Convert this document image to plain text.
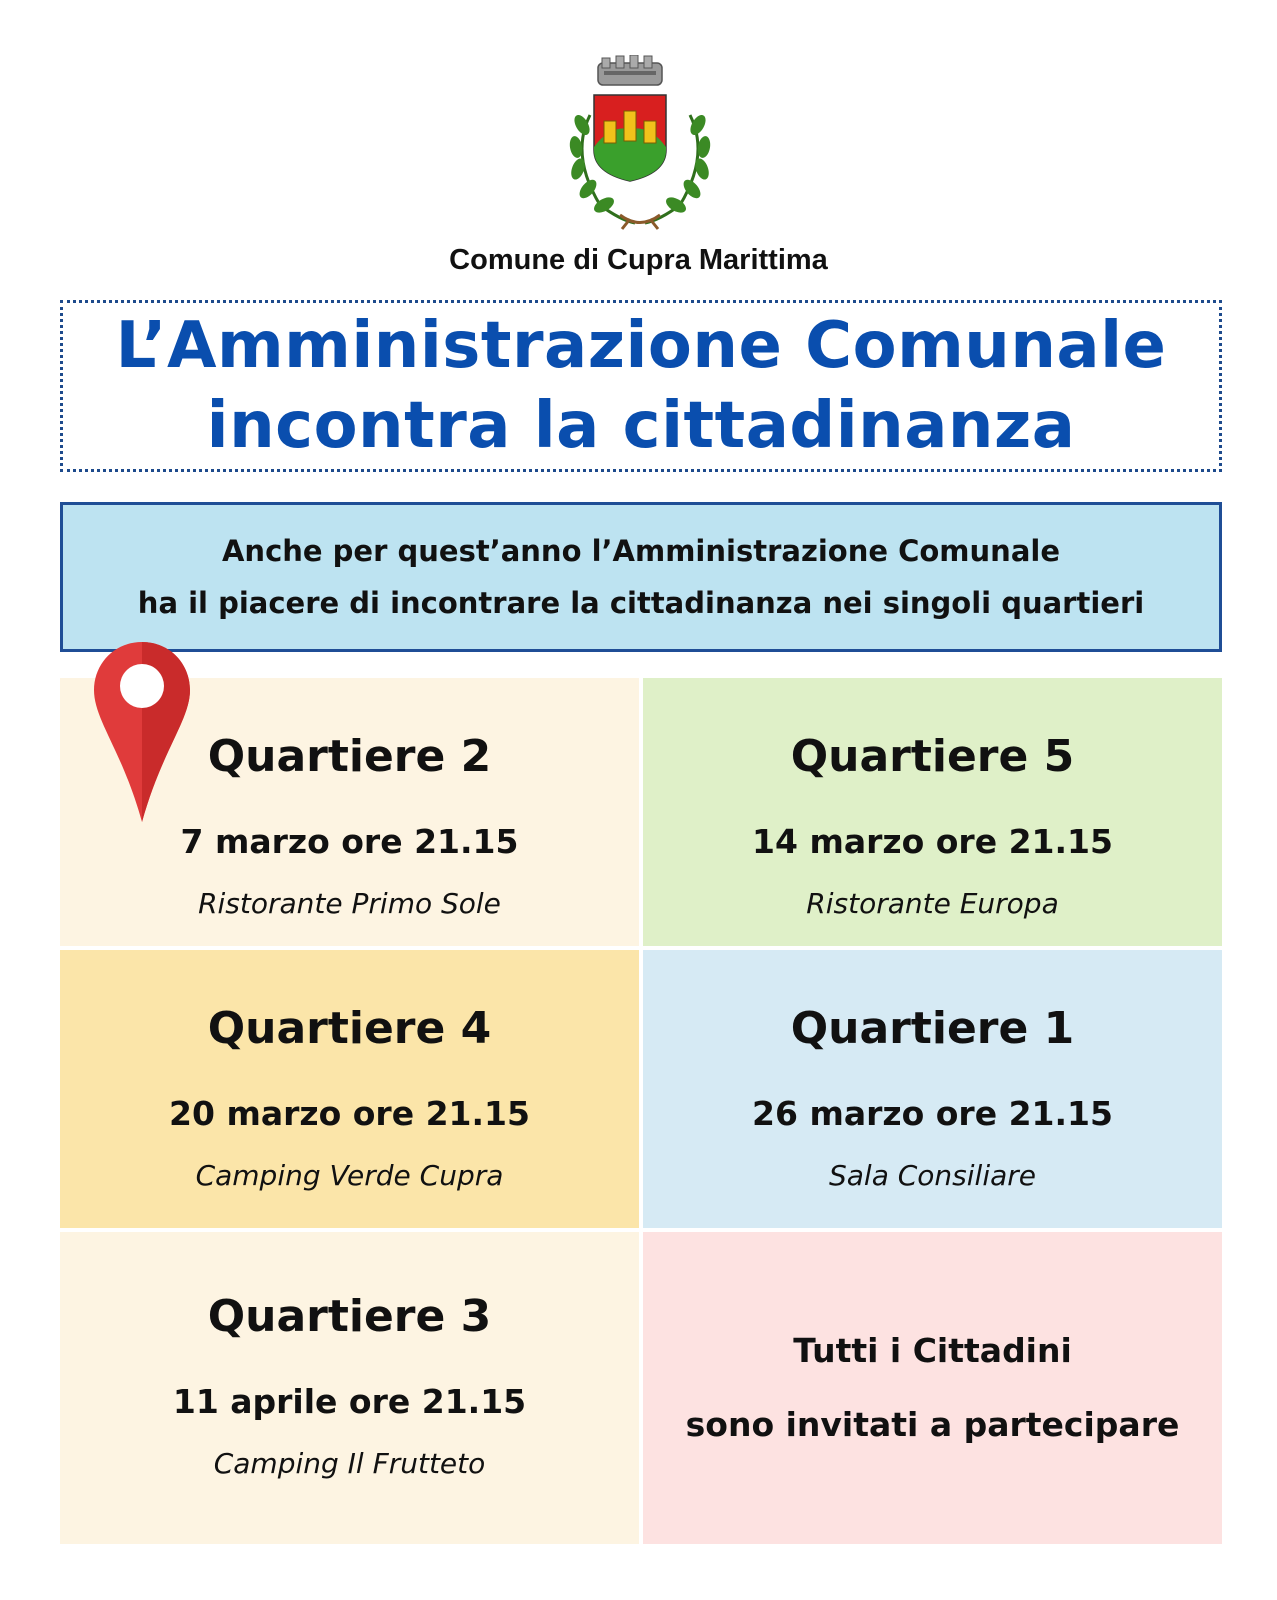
Comune di Cupra Marittima
L’Amministrazione Comunale
incontra la cittadinanza
Anche per quest’anno l’Amministrazione Comunale
ha il piacere di incontrare la cittadinanza nei singoli quartieri
Quartiere 2
7 marzo ore 21.15
Ristorante Primo Sole
Quartiere 5
14 marzo ore 21.15
Ristorante Europa
Quartiere 4
20 marzo ore 21.15
Camping Verde Cupra
Quartiere 1
26 marzo ore 21.15
Sala Consiliare
Quartiere 3
11 aprile ore 21.15
Camping Il Frutteto
Tutti i Cittadini
sono invitati a partecipare
